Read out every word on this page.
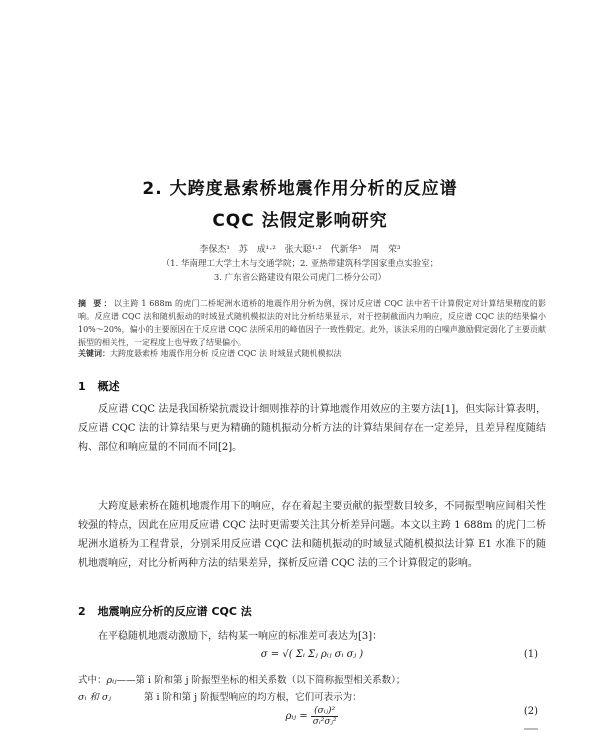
2. 大跨度悬索桥地震作用分析的反应谱
CQC 法假定影响研究
李保杰¹ 苏 成¹·² 张大聪¹·² 代新华³ 周 荣³
（1. 华南理工大学土木与交通学院；2. 亚热带建筑科学国家重点实验室；
3. 广东省公路建设有限公司虎门二桥分公司）
摘 要：以主跨 1 688m 的虎门二桥坭洲水道桥的地震作用分析为例，探讨反应谱 CQC 法中若干计算假定对计算结果精度的影响。反应谱 CQC 法和随机振动的时域显式随机模拟法的对比分析结果显示，对于控制截面内力响应，反应谱 CQC 法的结果偏小 10%～20%，偏小的主要原因在于反应谱 CQC 法所采用的峰值因子一致性假定。此外，该法采用的白噪声激励假定弱化了主要贡献振型的相关性，一定程度上也导致了结果偏小。
关键词：大跨度悬索桥 地震作用分析 反应谱 CQC 法 时域显式随机模拟法
1 概述
反应谱 CQC 法是我国桥梁抗震设计细则推荐的计算地震作用效应的主要方法[1]，但实际计算表明，反应谱 CQC 法的计算结果与更为精确的随机振动分析方法的计算结果间存在一定差异，且差异程度随结构、部位和响应量的不同而不同[2]。
大跨度悬索桥在随机地震作用下的响应，存在着起主要贡献的振型数目较多，不同振型响应间相关性较强的特点，因此在应用反应谱 CQC 法时更需要关注其分析差异问题。本文以主跨 1 688m 的虎门二桥坭洲水道桥为工程背景，分别采用反应谱 CQC 法和随机振动的时域显式随机模拟法计算 E1 水准下的随机地震响应，对比分析两种方法的结果差异，探析反应谱 CQC 法的三个计算假定的影响。
2 地震响应分析的反应谱 CQC 法
在平稳随机地震动激励下，结构某一响应的标准差可表达为[3]：
σ = √( Σᵢ Σⱼ ρᵢⱼ σᵢ σⱼ )	(1)
式中：ρᵢⱼ——第 i 阶和第 j 阶振型坐标的相关系数（以下简称振型相关系数）；
σᵢ 和 σⱼ	第 i 阶和第 j 阶振型响应的均方根，它们可表示为：
ρᵢⱼ = $\frac{\text{(σᵢⱼ)²}}{\text{σᵢ²σⱼ²}}$	(2)
